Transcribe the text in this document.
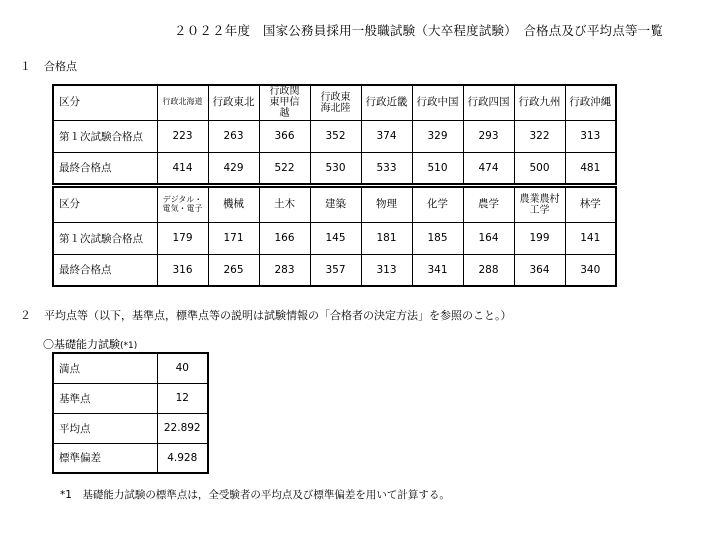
２０２２年度　国家公務員採用一般職試験（大卒程度試験）　合格点及び平均点等一覧
１ 合格点
区分	行政北海道	行政東北	行政関東甲信越	行政東海北陸	行政近畿	行政中国	行政四国	行政九州	行政沖縄
第１次試験合格点	223	263	366	352	374	329	293	322	313
最終合格点	414	429	522	530	533	510	474	500	481
区分	デジタル・電気・電子	機械	土木	建築	物理	化学	農学	農業農村工学	林学
第１次試験合格点	179	171	166	145	181	185	164	199	141
最終合格点	316	265	283	357	313	341	288	364	340
２ 平均点等（以下，基準点，標準点等の説明は試験情報の「合格者の決定方法」を参照のこと。）
〇基礎能力試験(*1)
満点	40
基準点	12
平均点	22.892
標準偏差	4.928
*1　基礎能力試験の標準点は，全受験者の平均点及び標準偏差を用いて計算する。
